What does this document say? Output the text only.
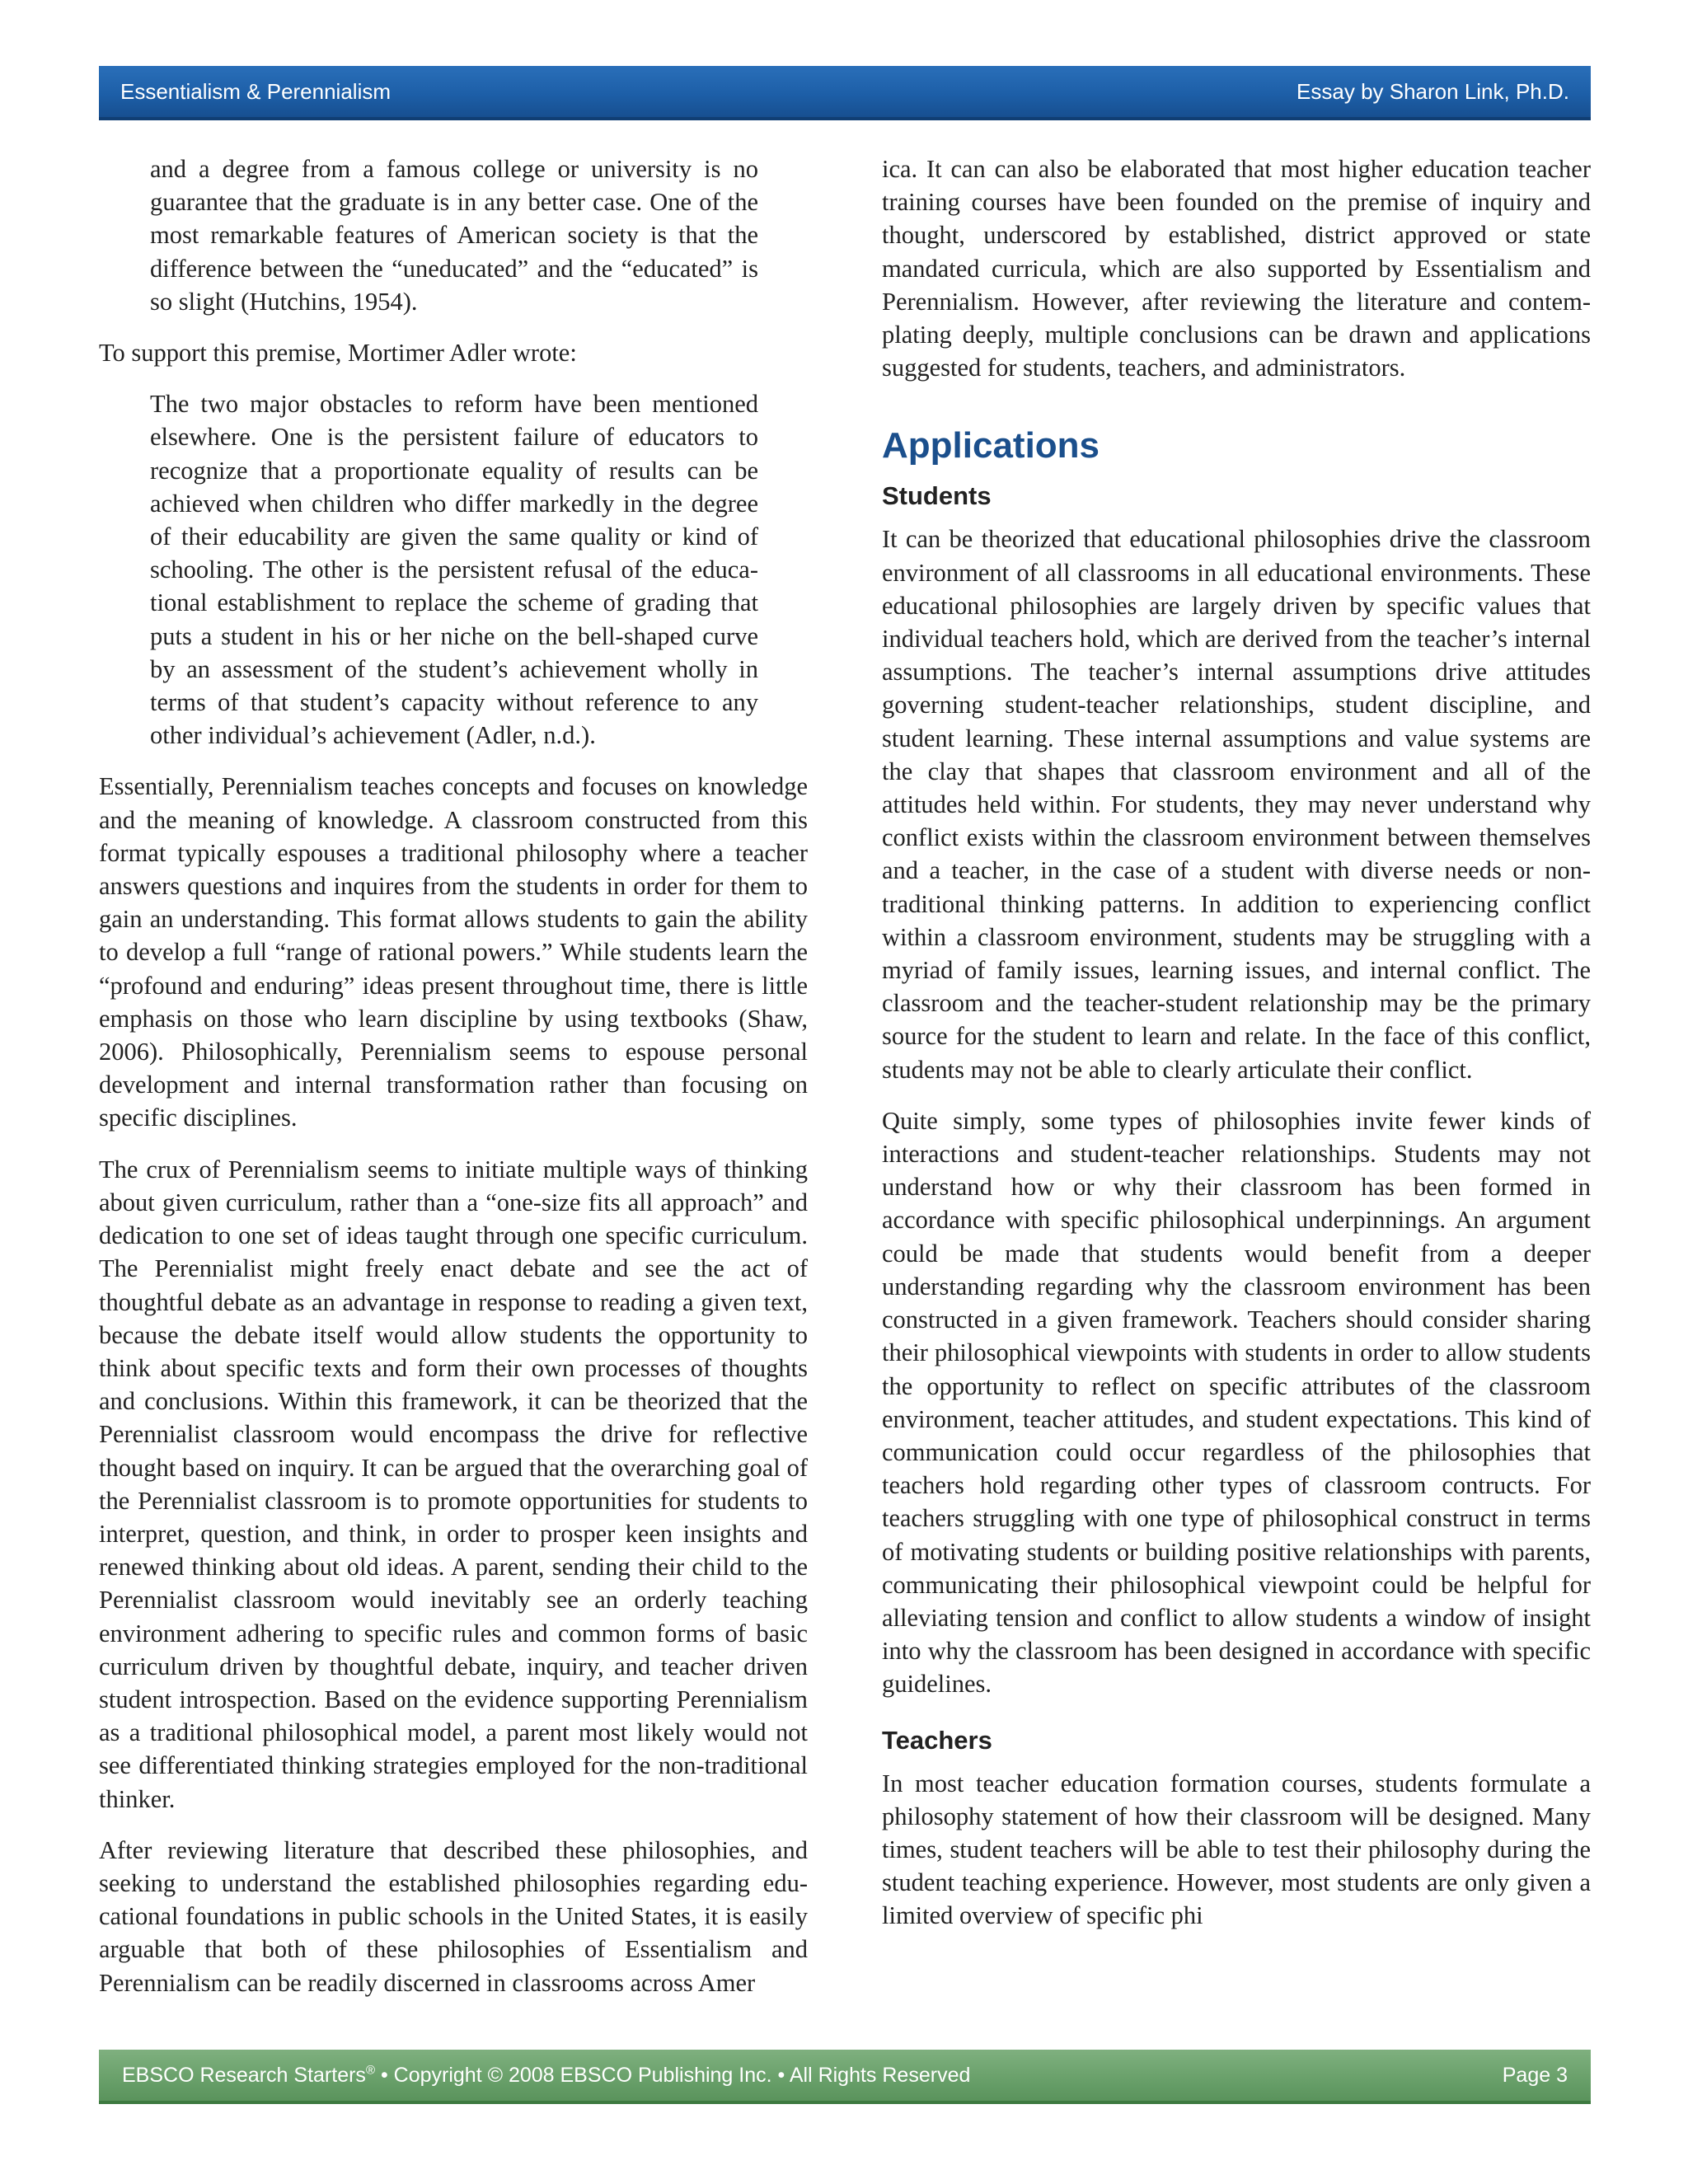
Essentialism & Perennialism	Essay by Sharon Link, Ph.D.

and a degree from a famous college or university is no guarantee that the graduate is in any better case. One of the most remarkable features of American society is that the difference between the “uneducated” and the “educated” is so slight (Hutchins, 1954).

To support this premise, Mortimer Adler wrote:

The two major obstacles to reform have been mentioned elsewhere. One is the persistent failure of educators to recognize that a proportionate equality of results can be achieved when children who differ markedly in the degree of their educability are given the same quality or kind of schooling. The other is the persistent refusal of the educational establishment to replace the scheme of grading that puts a student in his or her niche on the bell-shaped curve by an assessment of the student’s achievement wholly in terms of that student’s capacity without reference to any other individual’s achievement (Adler, n.d.).

Essentially, Perennialism teaches concepts and focuses on knowledge and the meaning of knowledge. A classroom constructed from this format typically espouses a traditional philosophy where a teacher answers questions and inquires from the students in order for them to gain an understanding. This format allows students to gain the ability to develop a full “range of rational powers.” While students learn the “profound and enduring” ideas present throughout time, there is little emphasis on those who learn discipline by using textbooks (Shaw, 2006). Philosophically, Perennialism seems to espouse personal development and internal transformation rather than focusing on specific disciplines.

The crux of Perennialism seems to initiate multiple ways of thinking about given curriculum, rather than a “one-size fits all approach” and dedication to one set of ideas taught through one specific curriculum. The Perennialist might freely enact debate and see the act of thoughtful debate as an advantage in response to reading a given text, because the debate itself would allow students the opportunity to think about specific texts and form their own processes of thoughts and conclusions. Within this framework, it can be theorized that the Perennialist classroom would encompass the drive for reflective thought based on inquiry. It can be argued that the overarching goal of the Perennialist classroom is to promote opportunities for students to interpret, question, and think, in order to prosper keen insights and renewed thinking about old ideas. A parent, sending their child to the Perennialist classroom would inevitably see an orderly teaching environment adhering to specific rules and common forms of basic curriculum driven by thoughtful debate, inquiry, and teacher driven student introspection. Based on the evidence supporting Perennialism as a traditional philosophical model, a parent most likely would not see differentiated thinking strategies employed for the non-traditional thinker.

After reviewing literature that described these philosophies, and seeking to understand the established philosophies regarding educational foundations in public schools in the United States, it is easily arguable that both of these philosophies of Essentialism and Perennialism can be readily discerned in classrooms across Amer

ica. It can can also be elaborated that most higher education teacher training courses have been founded on the premise of inquiry and thought, underscored by established, district approved or state mandated curricula, which are also supported by Essentialism and Perennialism. However, after reviewing the literature and contemplating deeply, multiple conclusions can be drawn and applications suggested for students, teachers, and administrators.

Applications
Students

It can be theorized that educational philosophies drive the classroom environment of all classrooms in all educational environments. These educational philosophies are largely driven by specific values that individual teachers hold, which are derived from the teacher’s internal assumptions. The teacher’s internal assumptions drive attitudes governing student-teacher relationships, student discipline, and student learning. These internal assumptions and value systems are the clay that shapes that classroom environment and all of the attitudes held within. For students, they may never understand why conflict exists within the classroom environment between themselves and a teacher, in the case of a student with diverse needs or non-traditional thinking patterns. In addition to experiencing conflict within a classroom environment, students may be struggling with a myriad of family issues, learning issues, and internal conflict. The classroom and the teacher-student relationship may be the primary source for the student to learn and relate. In the face of this conflict, students may not be able to clearly articulate their conflict.

Quite simply, some types of philosophies invite fewer kinds of interactions and student-teacher relationships. Students may not understand how or why their classroom has been formed in accordance with specific philosophical underpinnings. An argument could be made that students would benefit from a deeper understanding regarding why the classroom environment has been constructed in a given framework. Teachers should consider sharing their philosophical viewpoints with students in order to allow students the opportunity to reflect on specific attributes of the classroom environment, teacher attitudes, and student expectations. This kind of communication could occur regardless of the philosophies that teachers hold regarding other types of classroom contructs. For teachers struggling with one type of philosophical construct in terms of motivating students or building positive relationships with parents, communicating their philosophical viewpoint could be helpful for alleviating tension and conflict to allow students a window of insight into why the classroom has been designed in accordance with specific guidelines.

Teachers

In most teacher education formation courses, students formulate a philosophy statement of how their classroom will be designed. Many times, student teachers will be able to test their philosophy during the student teaching experience. However, most students are only given a limited overview of specific phi

EBSCO Research Starters® • Copyright © 2008 EBSCO Publishing Inc. • All Rights Reserved	Page 3
